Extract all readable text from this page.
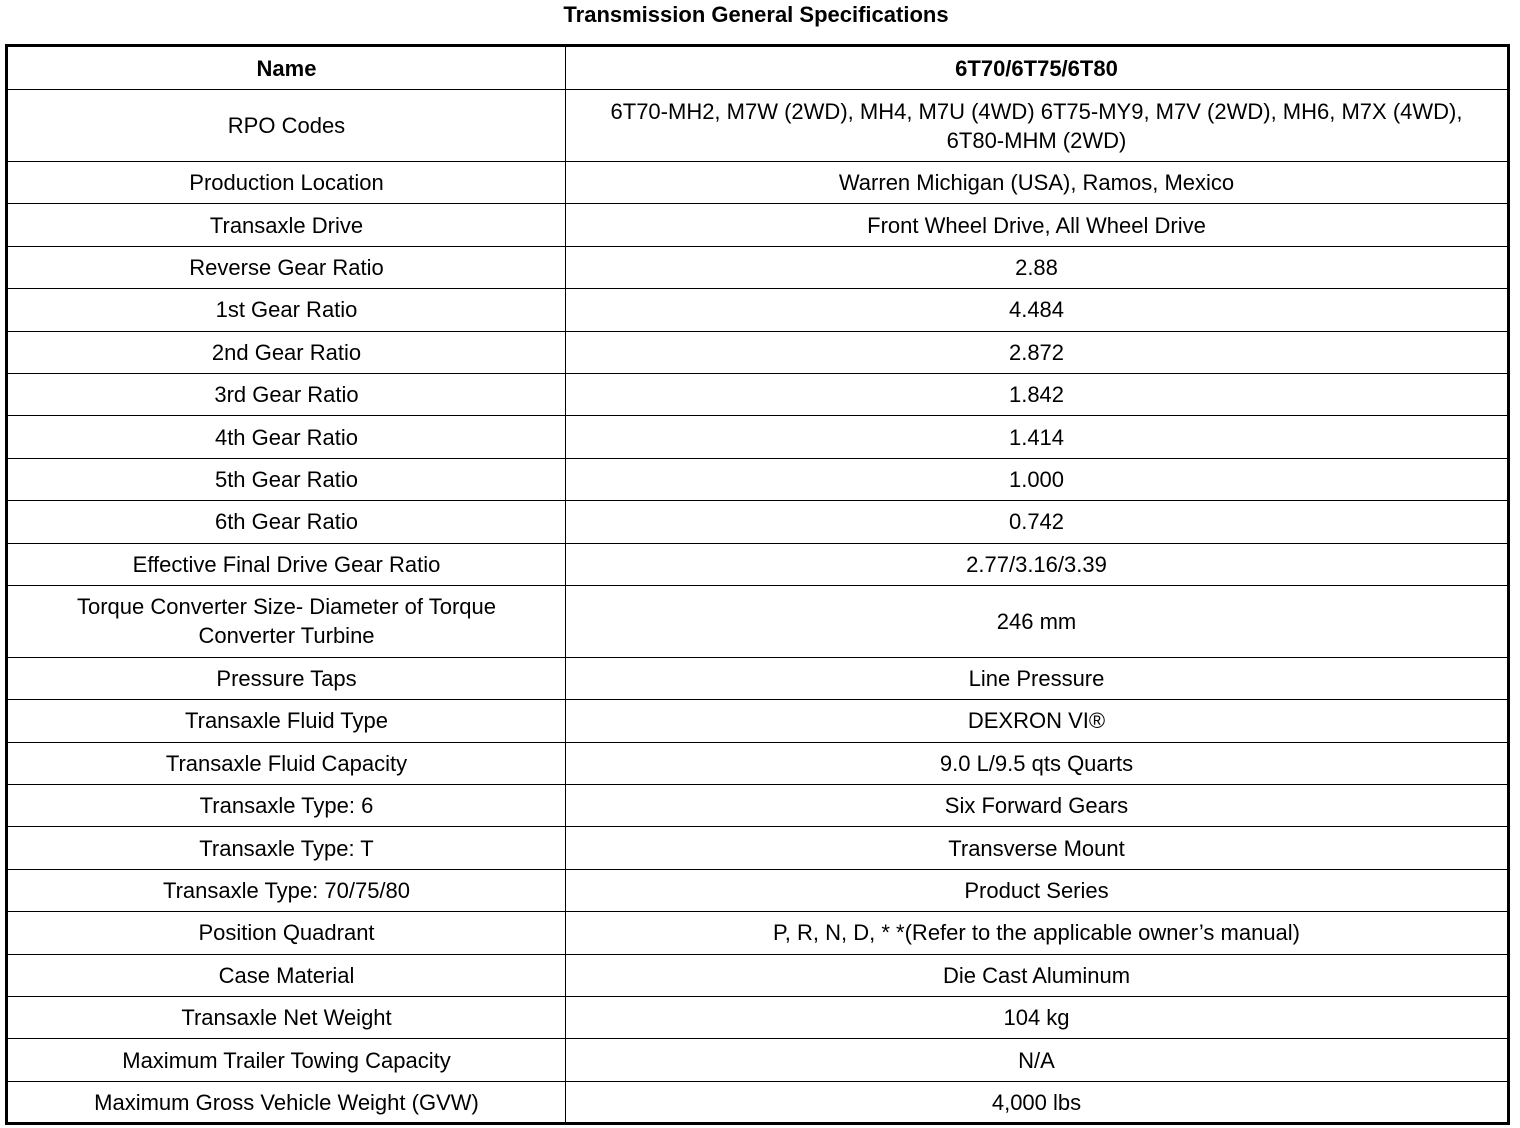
Transmission General Specifications
Name	6T70/6T75/6T80
RPO Codes	6T70-MH2, M7W (2WD), MH4, M7U (4WD) 6T75-MY9, M7V (2WD), MH6, M7X (4WD), 6T80-MHM (2WD)
Production Location	Warren Michigan (USA), Ramos, Mexico
Transaxle Drive	Front Wheel Drive, All Wheel Drive
Reverse Gear Ratio	2.88
1st Gear Ratio	4.484
2nd Gear Ratio	2.872
3rd Gear Ratio	1.842
4th Gear Ratio	1.414
5th Gear Ratio	1.000
6th Gear Ratio	0.742
Effective Final Drive Gear Ratio	2.77/3.16/3.39
Torque Converter Size- Diameter of Torque Converter Turbine	246 mm
Pressure Taps	Line Pressure
Transaxle Fluid Type	DEXRON VI®
Transaxle Fluid Capacity	9.0 L/9.5 qts Quarts
Transaxle Type: 6	Six Forward Gears
Transaxle Type: T	Transverse Mount
Transaxle Type: 70/75/80	Product Series
Position Quadrant	P, R, N, D, * *(Refer to the applicable owner’s manual)
Case Material	Die Cast Aluminum
Transaxle Net Weight	104 kg
Maximum Trailer Towing Capacity	N/A
Maximum Gross Vehicle Weight (GVW)	4,000 lbs
